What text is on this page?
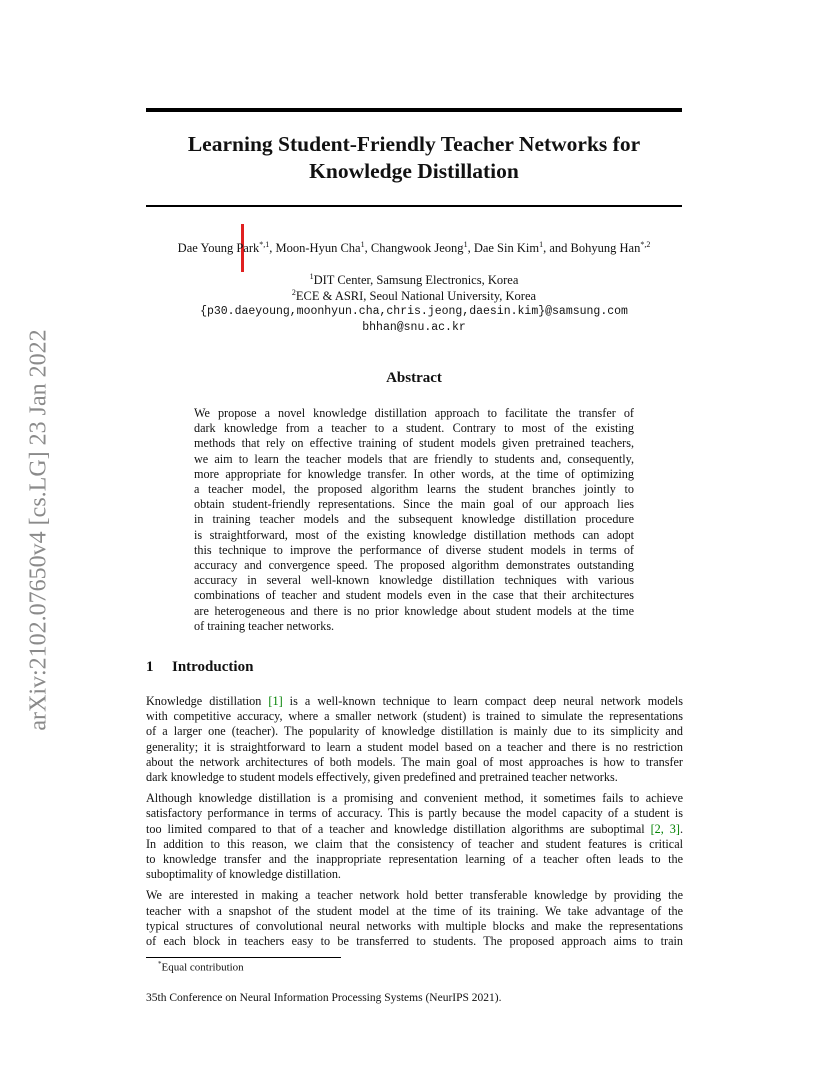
arXiv:2102.07650v4 [cs.LG] 23 Jan 2022
Learning Student-Friendly Teacher Networks for
Knowledge Distillation
Dae Young Park$^{*,1}$, Moon-Hyun Cha$^1$, Changwook Jeong$^1$, Dae Sin Kim$^1$, and Bohyung Han$^{*,2}$
$^1$DIT Center, Samsung Electronics, Korea
$^2$ECE & ASRI, Seoul National University, Korea
{p30.daeyoung,moonhyun.cha,chris.jeong,daesin.kim}@samsung.com
bhhan@snu.ac.kr
Abstract
We propose a novel knowledge distillation approach to facilitate the transfer of
dark knowledge from a teacher to a student. Contrary to most of the existing
methods that rely on effective training of student models given pretrained teachers,
we aim to learn the teacher models that are friendly to students and, consequently,
more appropriate for knowledge transfer. In other words, at the time of optimizing
a teacher model, the proposed algorithm learns the student branches jointly to
obtain student-friendly representations. Since the main goal of our approach lies
in training teacher models and the subsequent knowledge distillation procedure
is straightforward, most of the existing knowledge distillation methods can adopt
this technique to improve the performance of diverse student models in terms of
accuracy and convergence speed. The proposed algorithm demonstrates outstanding
accuracy in several well-known knowledge distillation techniques with various
combinations of teacher and student models even in the case that their architectures
are heterogeneous and there is no prior knowledge about student models at the time
of training teacher networks.
1 Introduction
Knowledge distillation [1] is a well-known technique to learn compact deep neural network models
with competitive accuracy, where a smaller network (student) is trained to simulate the representations
of a larger one (teacher). The popularity of knowledge distillation is mainly due to its simplicity and
generality; it is straightforward to learn a student model based on a teacher and there is no restriction
about the network architectures of both models. The main goal of most approaches is how to transfer
dark knowledge to student models effectively, given predefined and pretrained teacher networks.
Although knowledge distillation is a promising and convenient method, it sometimes fails to achieve
satisfactory performance in terms of accuracy. This is partly because the model capacity of a student is
too limited compared to that of a teacher and knowledge distillation algorithms are suboptimal [2, 3].
In addition to this reason, we claim that the consistency of teacher and student features is critical
to knowledge transfer and the inappropriate representation learning of a teacher often leads to the
suboptimality of knowledge distillation.
We are interested in making a teacher network hold better transferable knowledge by providing the
teacher with a snapshot of the student model at the time of its training. We take advantage of the
typical structures of convolutional neural networks with multiple blocks and make the representations
of each block in teachers easy to be transferred to students. The proposed approach aims to train
*Equal contribution
35th Conference on Neural Information Processing Systems (NeurIPS 2021).
